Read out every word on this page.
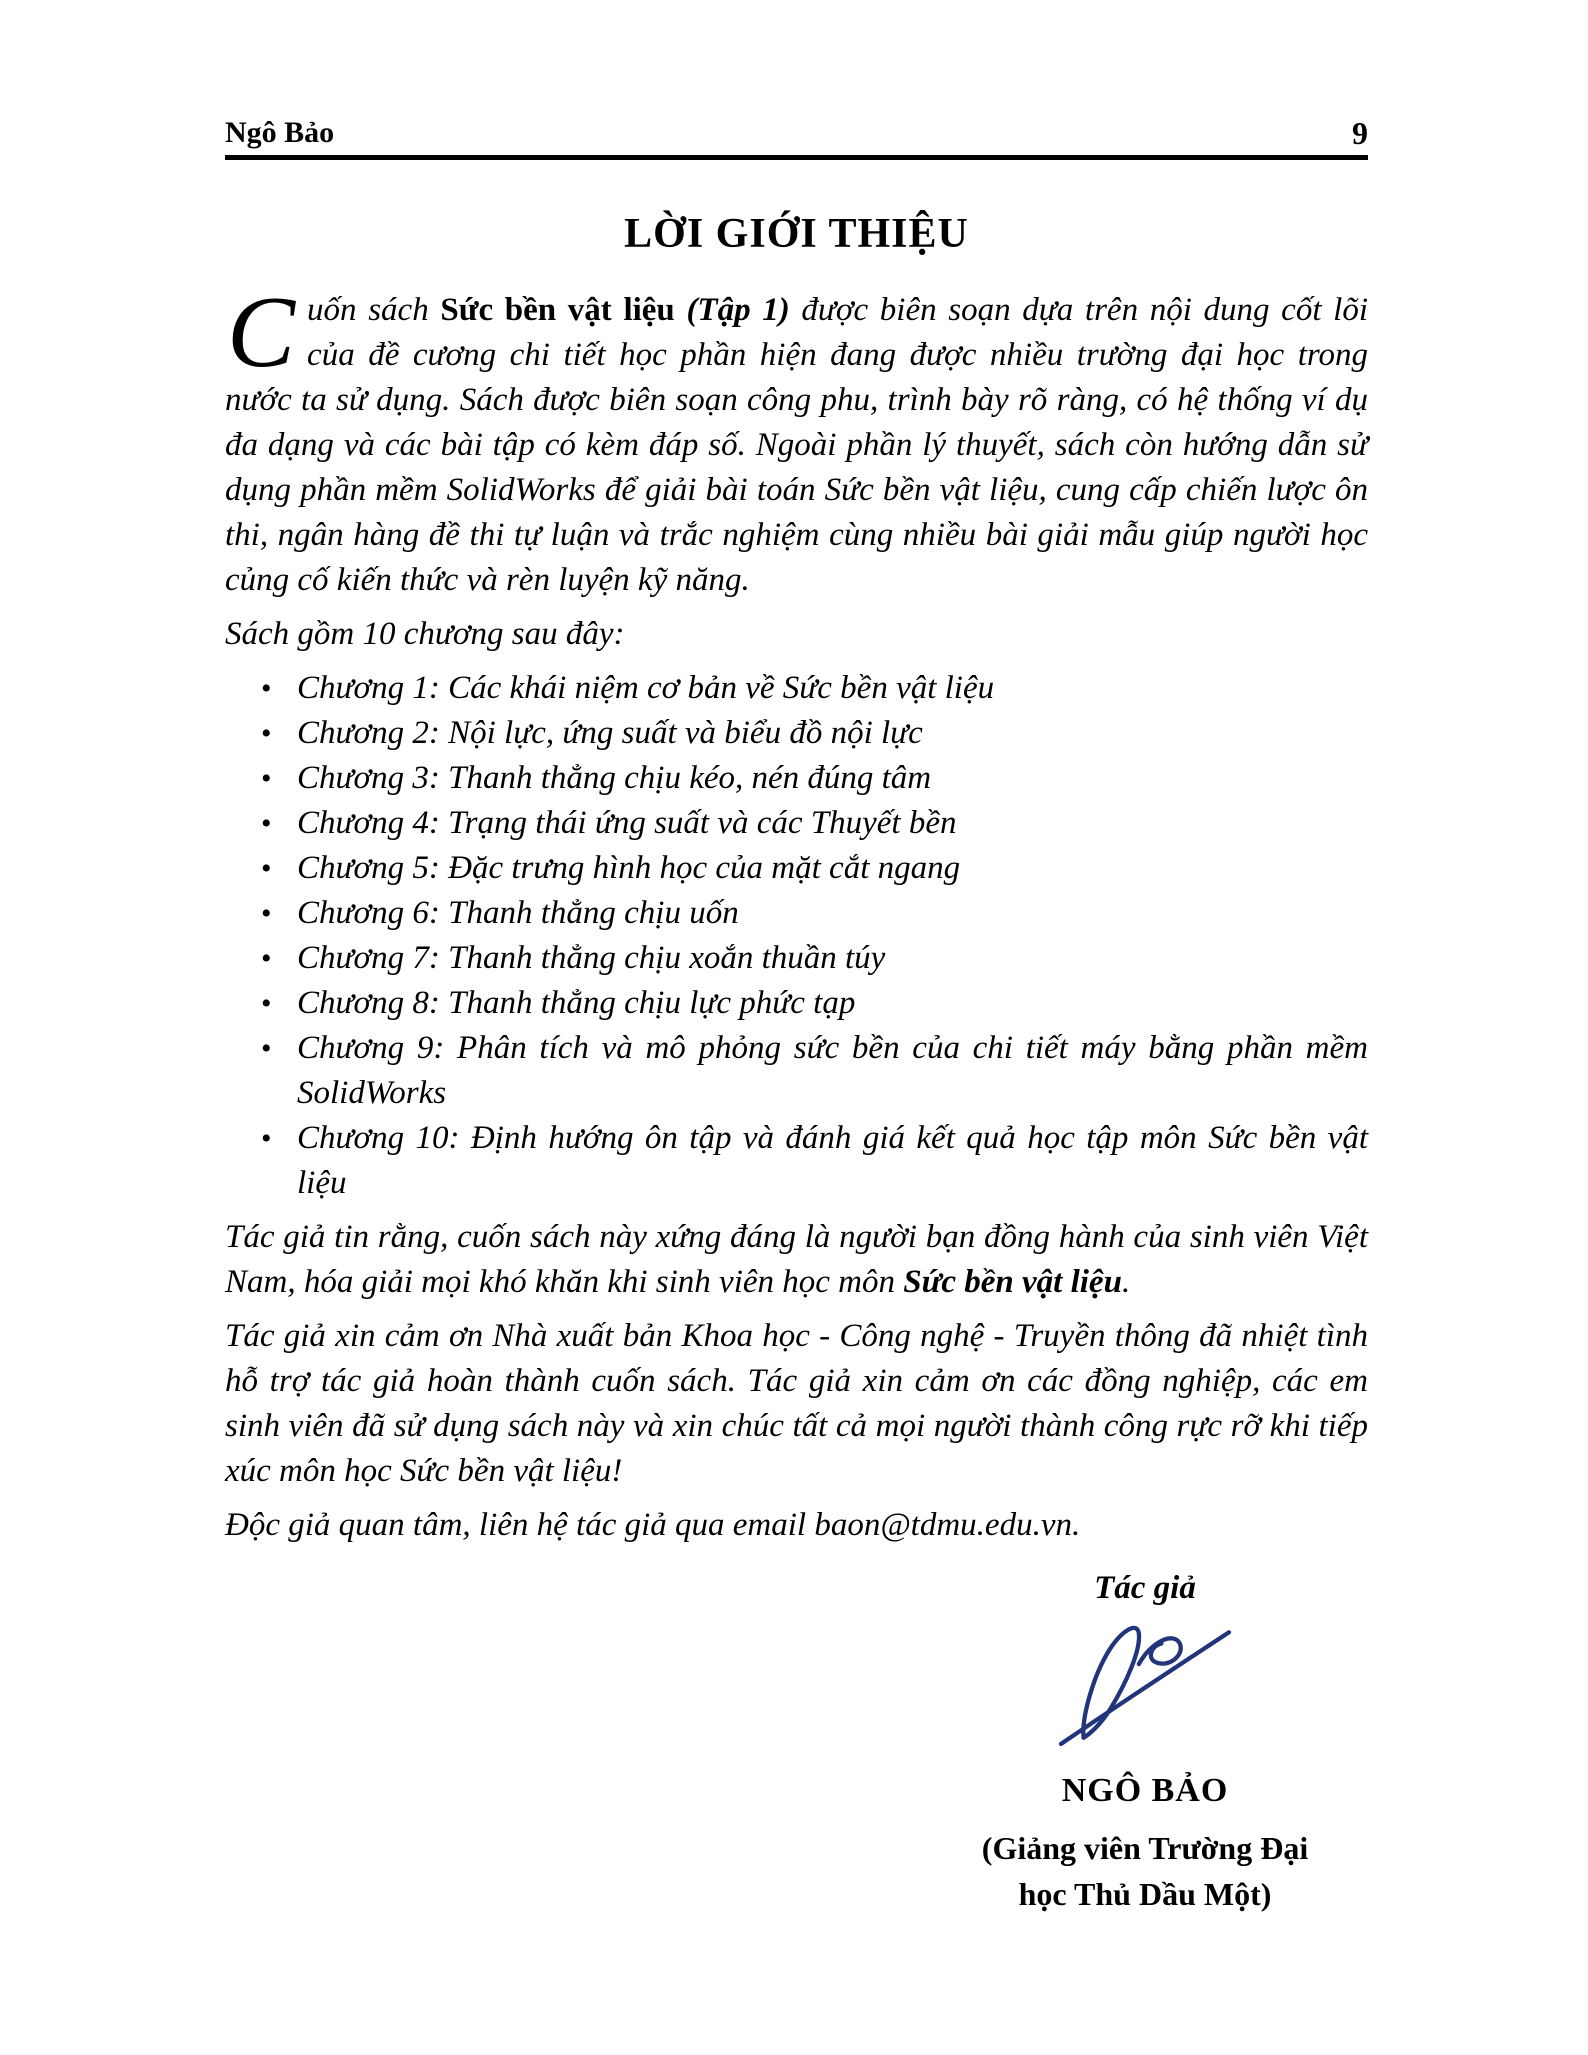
Ngô Bảo	9
LỜI GIỚI THIỆU

Cuốn sách Sức bền vật liệu (Tập 1) được biên soạn dựa trên nội dung cốt lõi của đề cương chi tiết học phần hiện đang được nhiều trường đại học trong nước ta sử dụng. Sách được biên soạn công phu, trình bày rõ ràng, có hệ thống ví dụ đa dạng và các bài tập có kèm đáp số. Ngoài phần lý thuyết, sách còn hướng dẫn sử dụng phần mềm SolidWorks để giải bài toán Sức bền vật liệu, cung cấp chiến lược ôn thi, ngân hàng đề thi tự luận và trắc nghiệm cùng nhiều bài giải mẫu giúp người học củng cố kiến thức và rèn luyện kỹ năng.

Sách gồm 10 chương sau đây:

• Chương 1: Các khái niệm cơ bản về Sức bền vật liệu
• Chương 2: Nội lực, ứng suất và biểu đồ nội lực
• Chương 3: Thanh thẳng chịu kéo, nén đúng tâm
• Chương 4: Trạng thái ứng suất và các Thuyết bền
• Chương 5: Đặc trưng hình học của mặt cắt ngang
• Chương 6: Thanh thẳng chịu uốn
• Chương 7: Thanh thẳng chịu xoắn thuần túy
• Chương 8: Thanh thẳng chịu lực phức tạp
• Chương 9: Phân tích và mô phỏng sức bền của chi tiết máy bằng phần mềm SolidWorks
• Chương 10: Định hướng ôn tập và đánh giá kết quả học tập môn Sức bền vật liệu

Tác giả tin rằng, cuốn sách này xứng đáng là người bạn đồng hành của sinh viên Việt Nam, hóa giải mọi khó khăn khi sinh viên học môn Sức bền vật liệu.

Tác giả xin cảm ơn Nhà xuất bản Khoa học - Công nghệ - Truyền thông đã nhiệt tình hỗ trợ tác giả hoàn thành cuốn sách. Tác giả xin cảm ơn các đồng nghiệp, các em sinh viên đã sử dụng sách này và xin chúc tất cả mọi người thành công rực rỡ khi tiếp xúc môn học Sức bền vật liệu!

Độc giả quan tâm, liên hệ tác giả qua email baon@tdmu.edu.vn.

Tác giả
NGÔ BẢO
(Giảng viên Trường Đại
học Thủ Dầu Một)
